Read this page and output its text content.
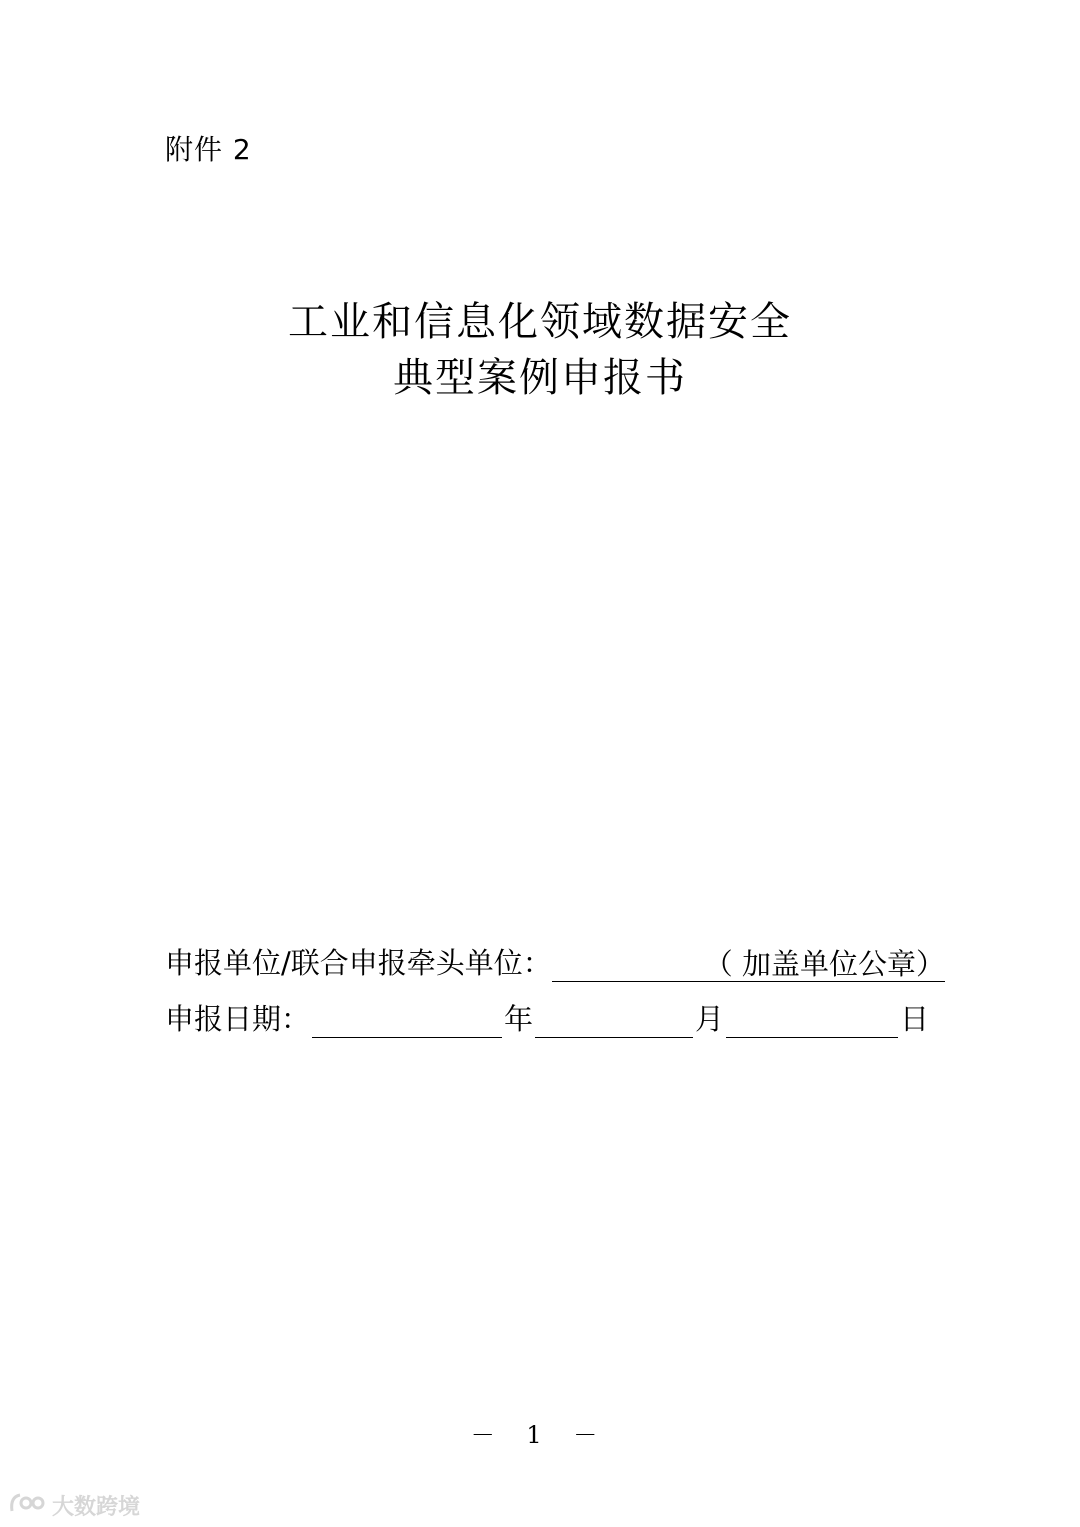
附件 2
工业和信息化领域数据安全
典型案例申报书
申报单位/联合申报牵头单位：	（ 加盖单位公章）
申报日期：	年	月	日
－ 1 －
大数跨境
